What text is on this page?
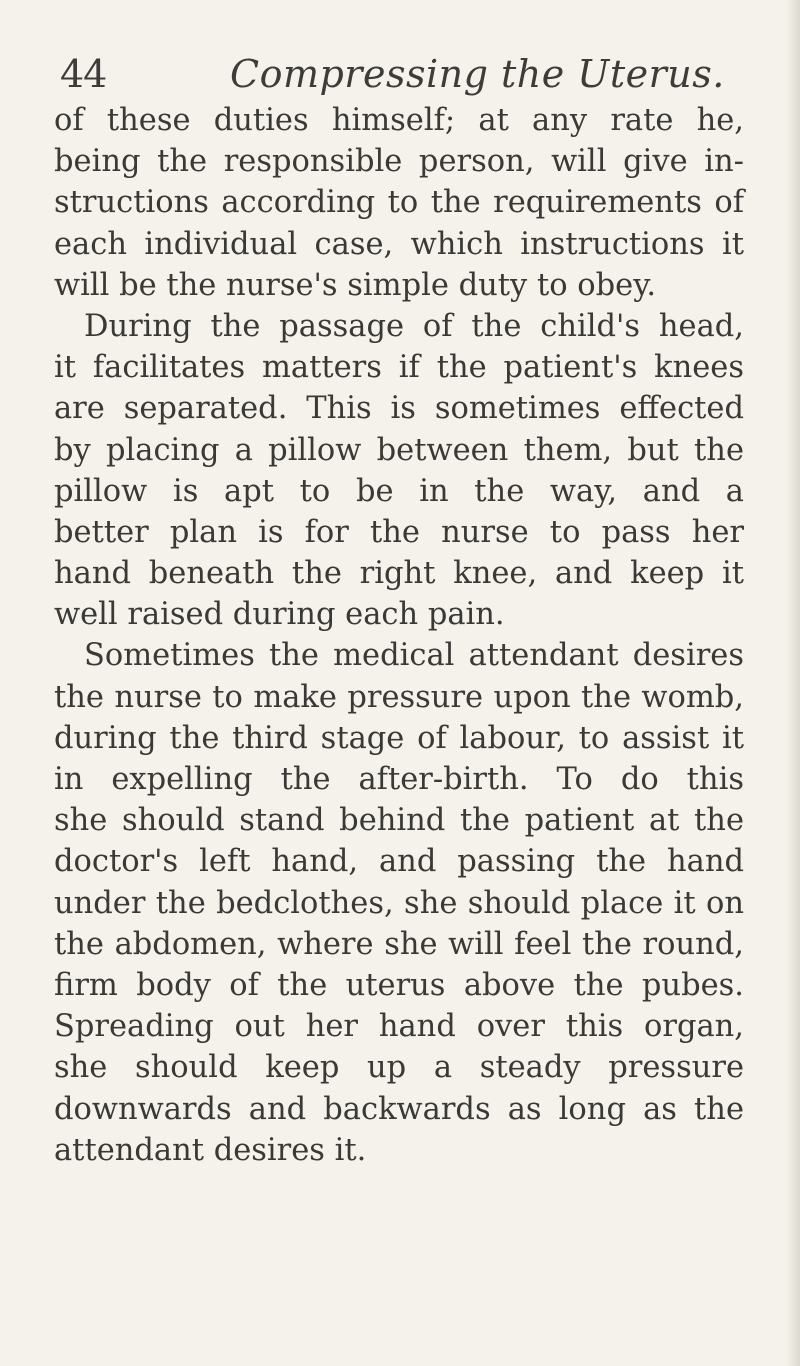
44	Compressing the Uterus.
of these duties himself; at any rate he,
being the responsible person, will give in-
structions according to the requirements of
each individual case, which instructions it
will be the nurse's simple duty to obey.
During the passage of the child's head,
it facilitates matters if the patient's knees
are separated. This is sometimes effected
by placing a pillow between them, but the
pillow is apt to be in the way, and a
better plan is for the nurse to pass her
hand beneath the right knee, and keep it
well raised during each pain.
Sometimes the medical attendant desires
the nurse to make pressure upon the womb,
during the third stage of labour, to assist it
in expelling the after-birth. To do this
she should stand behind the patient at the
doctor's left hand, and passing the hand
under the bedclothes, she should place it on
the abdomen, where she will feel the round,
firm body of the uterus above the pubes.
Spreading out her hand over this organ,
she should keep up a steady pressure
downwards and backwards as long as the
attendant desires it.
